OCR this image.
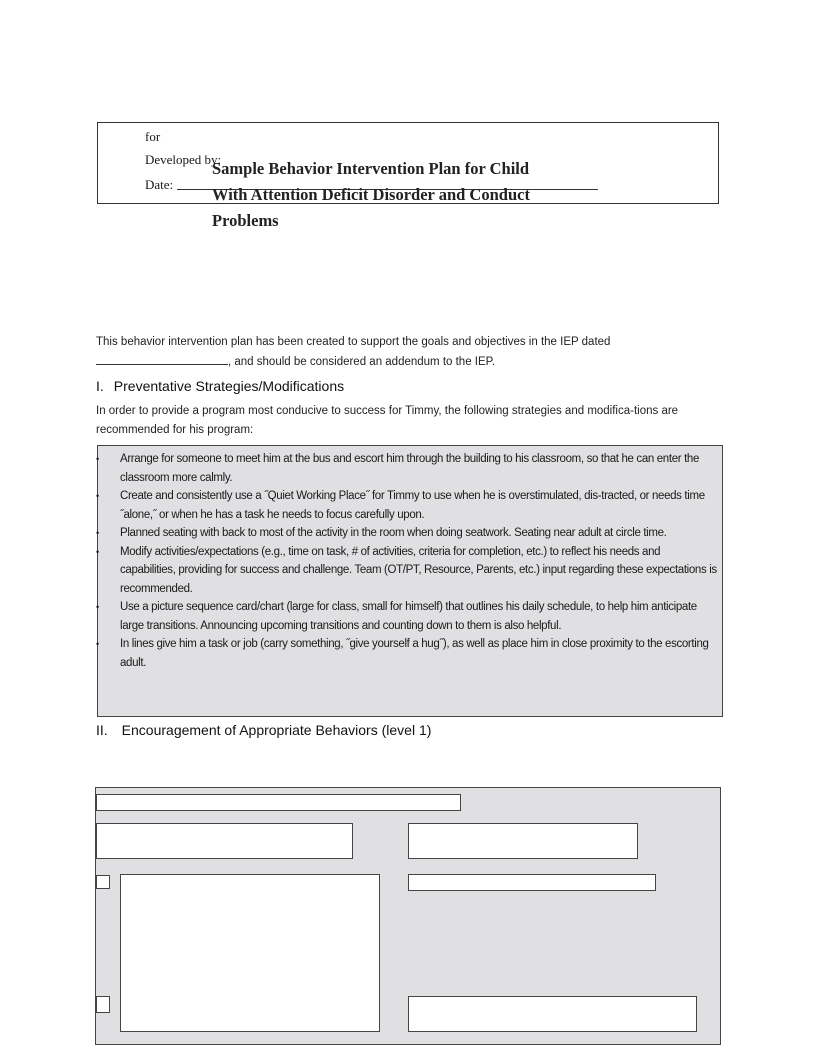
for
Developed by:
Date:
Sample Behavior Intervention Plan for Child
With Attention Deficit Disorder and Conduct
Problems
This behavior intervention plan has been created to support the goals and objectives in the IEP dated
, and should be considered an addendum to the IEP.
I. Preventative Strategies/Modifications
In order to provide a program most conducive to success for Timmy, the following strategies and modifica-tions are recommended for his program:
• Arrange for someone to meet him at the bus and escort him through the building to his classroom, so that he can enter the classroom more calmly.
• Create and consistently use a ˝Quiet Working Place˝ for Timmy to use when he is overstimulated, dis-tracted, or needs time ˝alone,˝ or when he has a task he needs to focus carefully upon.
• Planned seating with back to most of the activity in the room when doing seatwork. Seating near adult at circle time.
• Modify activities/expectations (e.g., time on task, # of activities, criteria for completion, etc.) to reflect his needs and capabilities, providing for success and challenge. Team (OT/PT, Resource, Parents, etc.) input regarding these expectations is recommended.
• Use a picture sequence card/chart (large for class, small for himself) that outlines his daily schedule, to help him anticipate large transitions. Announcing upcoming transitions and counting down to them is also helpful.
• In lines give him a task or job (carry something, ˝give yourself a hug˝), as well as place him in close proximity to the escorting adult.
II. Encouragement of Appropriate Behaviors (level 1)
